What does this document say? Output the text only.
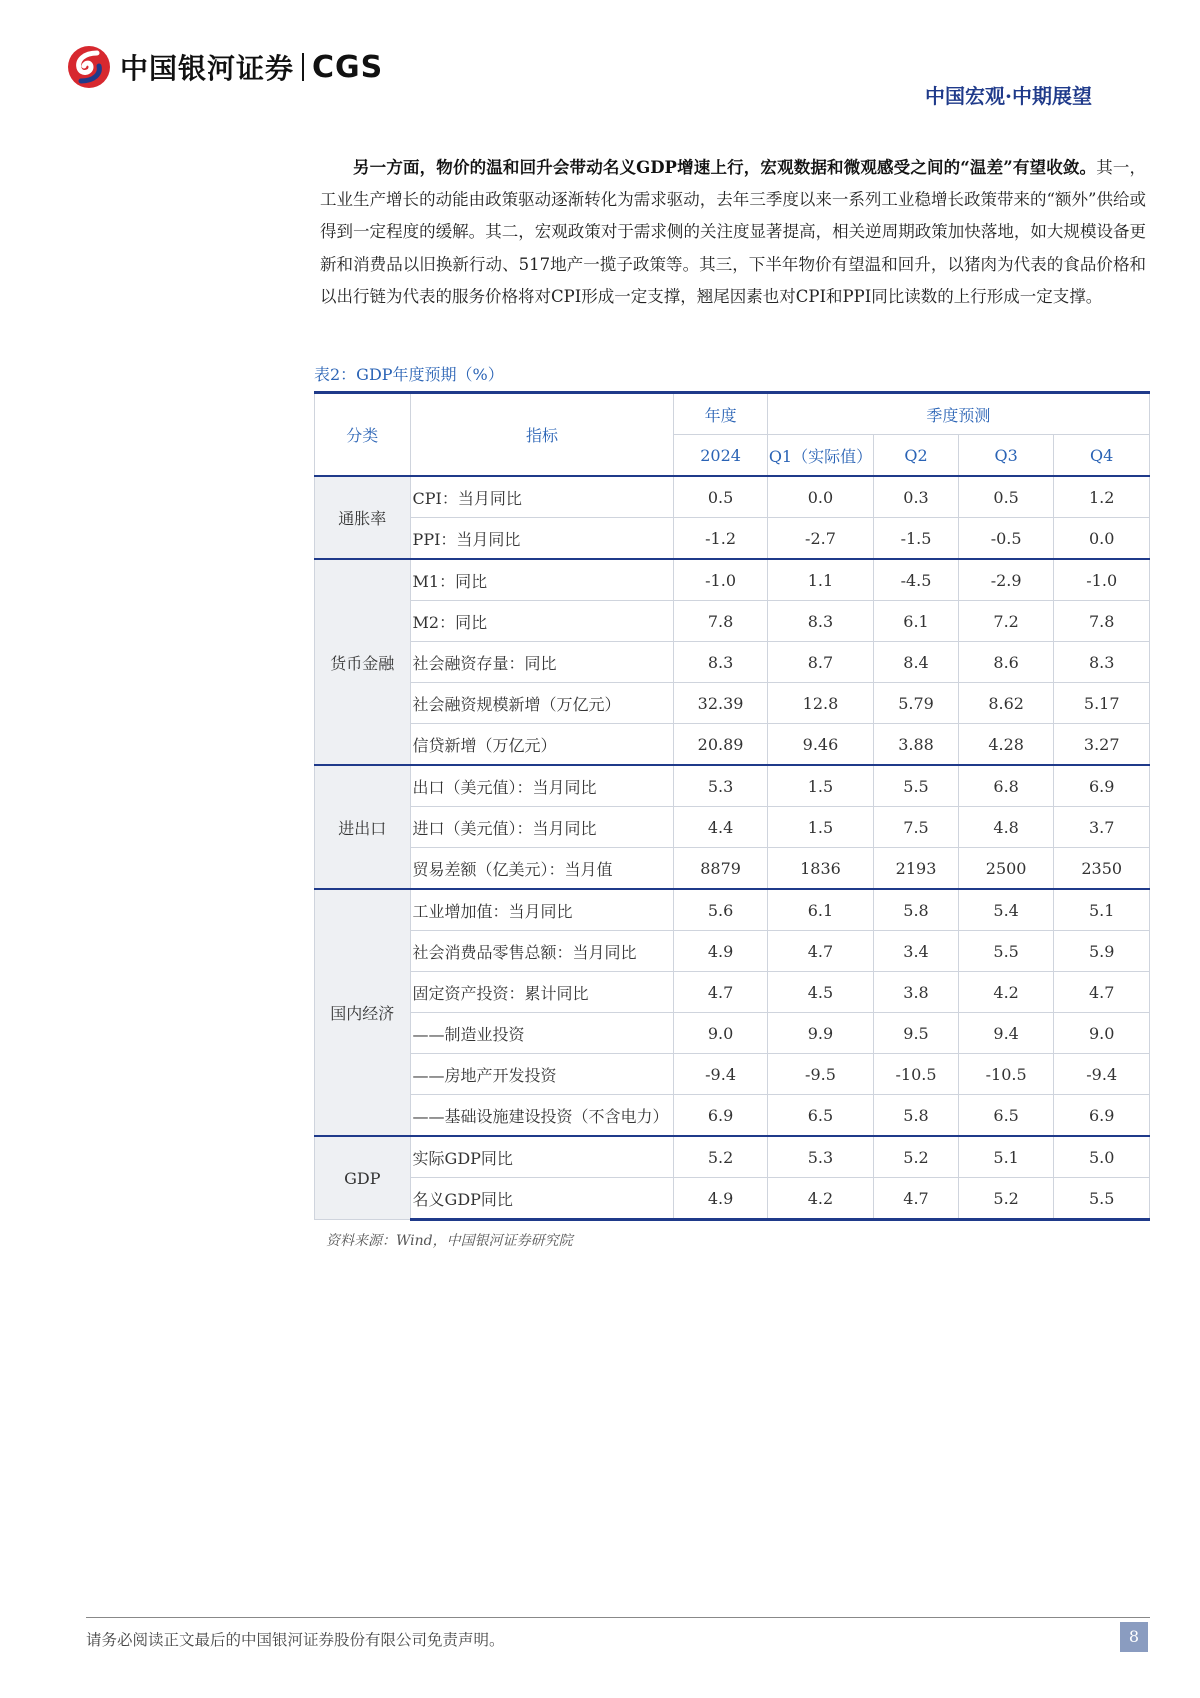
中国银河证券 CGS
中国宏观·中期展望

另一方面，物价的温和回升会带动名义GDP增速上行，宏观数据和微观感受之间的“温差”有望收敛。其一，工业生产增长的动能由政策驱动逐渐转化为需求驱动，去年三季度以来一系列工业稳增长政策带来的“额外”供给或得到一定程度的缓解。其二，宏观政策对于需求侧的关注度显著提高，相关逆周期政策加快落地，如大规模设备更新和消费品以旧换新行动、517地产一揽子政策等。其三，下半年物价有望温和回升，以猪肉为代表的食品价格和以出行链为代表的服务价格将对CPI形成一定支撑，翘尾因素也对CPI和PPI同比读数的上行形成一定支撑。

表2：GDP年度预期（%）
分类	指标	年度	季度预测			
		2024	Q1（实际值）	Q2	Q3	Q4
通胀率	CPI：当月同比	0.5	0.0	0.3	0.5	1.2
	PPI：当月同比	-1.2	-2.7	-1.5	-0.5	0.0
货币金融	M1：同比	-1.0	1.1	-4.5	-2.9	-1.0
	M2：同比	7.8	8.3	6.1	7.2	7.8
	社会融资存量：同比	8.3	8.7	8.4	8.6	8.3
	社会融资规模新增（万亿元）	32.39	12.8	5.79	8.62	5.17
	信贷新增（万亿元）	20.89	9.46	3.88	4.28	3.27
进出口	出口（美元值）：当月同比	5.3	1.5	5.5	6.8	6.9
	进口（美元值）：当月同比	4.4	1.5	7.5	4.8	3.7
	贸易差额（亿美元）：当月值	8879	1836	2193	2500	2350
国内经济	工业增加值：当月同比	5.6	6.1	5.8	5.4	5.1
	社会消费品零售总额：当月同比	4.9	4.7	3.4	5.5	5.9
	固定资产投资：累计同比	4.7	4.5	3.8	4.2	4.7
	——制造业投资	9.0	9.9	9.5	9.4	9.0
	——房地产开发投资	-9.4	-9.5	-10.5	-10.5	-9.4
	——基础设施建设投资（不含电力）	6.9	6.5	5.8	6.5	6.9
GDP	实际GDP同比	5.2	5.3	5.2	5.1	5.0
	名义GDP同比	4.9	4.2	4.7	5.2	5.5
资料来源：Wind，中国银河证券研究院
请务必阅读正文最后的中国银河证券股份有限公司免责声明。	8
